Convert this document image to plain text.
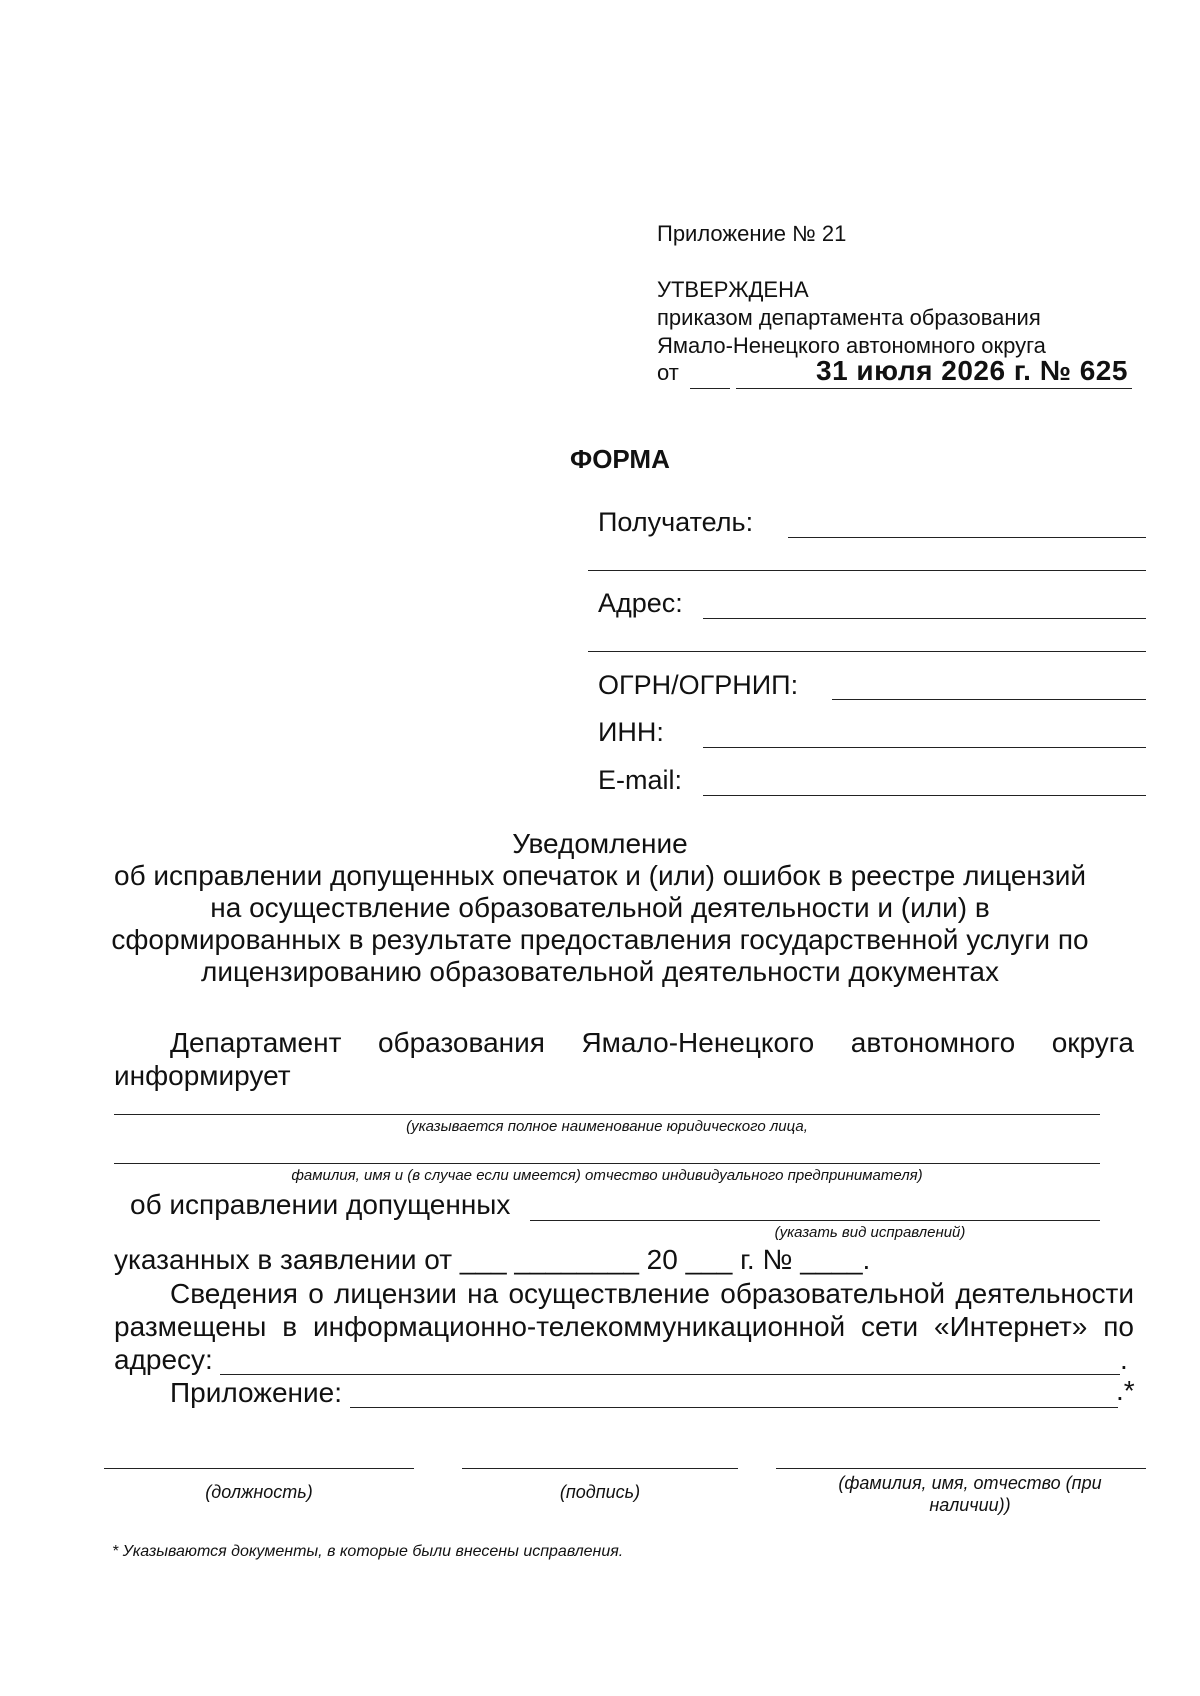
Приложение № 21
УТВЕРЖДЕНА
приказом департамента образования
Ямало-Ненецкого автономного округа
от	31 июля 2026 г. № 625
ФОРМА
Получатель:
Адрес:
ОГРН/ОГРНИП:
ИНН:
E-mail:
Уведомление
об исправлении допущенных опечаток и (или) ошибок в реестре лицензий
на осуществление образовательной деятельности и (или) в
сформированных в результате предоставления государственной услуги по
лицензированию образовательной деятельности документах
Департамент образования Ямало-Ненецкого автономного округа
информирует
(указывается полное наименование юридического лица,
фамилия, имя и (в случае если имеется) отчество индивидуального предпринимателя)
об исправлении допущенных
(указать вид исправлений)
указанных в заявлении от ___ ________ 20 ___ г. № ____.
Сведения о лицензии на осуществление образовательной деятельности
размещены в информационно-телекоммуникационной сети «Интернет» по
адресу:	.
Приложение:	.*
(должность)	(подпись)	(фамилия, имя, отчество (при
наличии))
* Указываются документы, в которые были внесены исправления.
